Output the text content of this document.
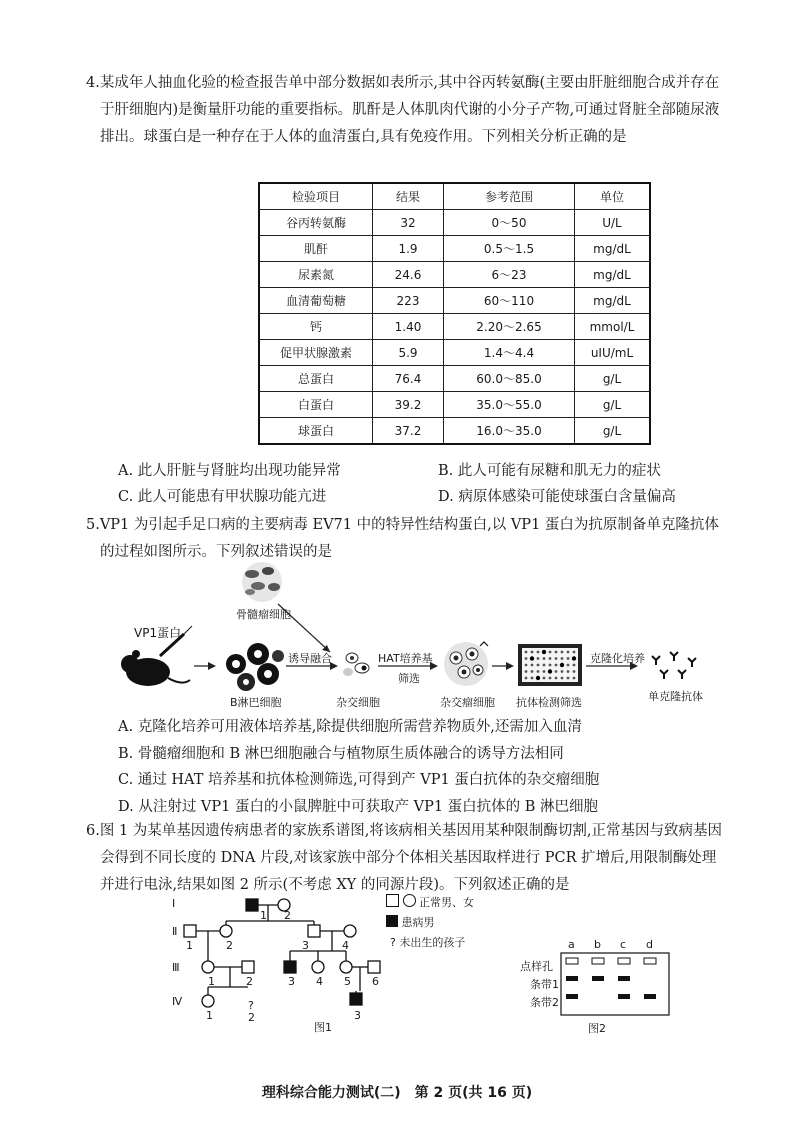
4.某成年人抽血化验的检查报告单中部分数据如表所示,其中谷丙转氨酶(主要由肝脏细胞合成并存在于肝细胞内)是衡量肝功能的重要指标。肌酐是人体肌肉代谢的小分子产物,可通过肾脏全部随尿液排出。球蛋白是一种存在于人体的血清蛋白,具有免疫作用。下列相关分析正确的是
检验项目	结果	参考范围	单位
谷丙转氨酶	32	0～50	U/L
肌酐	1.9	0.5～1.5	mg/dL
尿素氮	24.6	6～23	mg/dL
血清葡萄糖	223	60～110	mg/dL
钙	1.40	2.20～2.65	mmol/L
促甲状腺激素	5.9	1.4～4.4	uIU/mL
总蛋白	76.4	60.0～85.0	g/L
白蛋白	39.2	35.0～55.0	g/L
球蛋白	37.2	16.0～35.0	g/L
A. 此人肝脏与肾脏均出现功能异常	B. 此人可能有尿糖和肌无力的症状
C. 此人可能患有甲状腺功能亢进	D. 病原体感染可能使球蛋白含量偏高
5.VP1 为引起手足口病的主要病毒 EV71 中的特异性结构蛋白,以 VP1 蛋白为抗原制备单克隆抗体的过程如图所示。下列叙述错误的是
骨髓瘤细胞
VP1蛋白
诱导融合	HAT培养基
筛选
克隆化培养
B淋巴细胞	杂交细胞	杂交瘤细胞 抗体检测筛选	单克隆抗体
A. 克隆化培养可用液体培养基,除提供细胞所需营养物质外,还需加入血清
B. 骨髓瘤细胞和 B 淋巴细胞融合与植物原生质体融合的诱导方法相同
C. 通过 HAT 培养基和抗体检测筛选,可得到产 VP1 蛋白抗体的杂交瘤细胞
D. 从注射过 VP1 蛋白的小鼠脾脏中可获取产 VP1 蛋白抗体的 B 淋巴细胞
6.图 1 为某单基因遗传病患者的家族系谱图,将该病相关基因用某种限制酶切割,正常基因与致病基因会得到不同长度的 DNA 片段,对该家族中部分个体相关基因取样进行 PCR 扩增后,用限制酶处理并进行电泳,结果如图 2 所示(不考虑 XY 的同源片段)。下列叙述正确的是
Ⅰ
Ⅱ
Ⅲ
Ⅳ
1 2
1	2	3	4
1	2	3 4 5 6
1
?
2	3
图1
正常男、女
患病男
? 未出生的孩子	a b c d
点样孔
条带1
条带2
图2
理科综合能力测试(二)　第 2 页(共 16 页)
